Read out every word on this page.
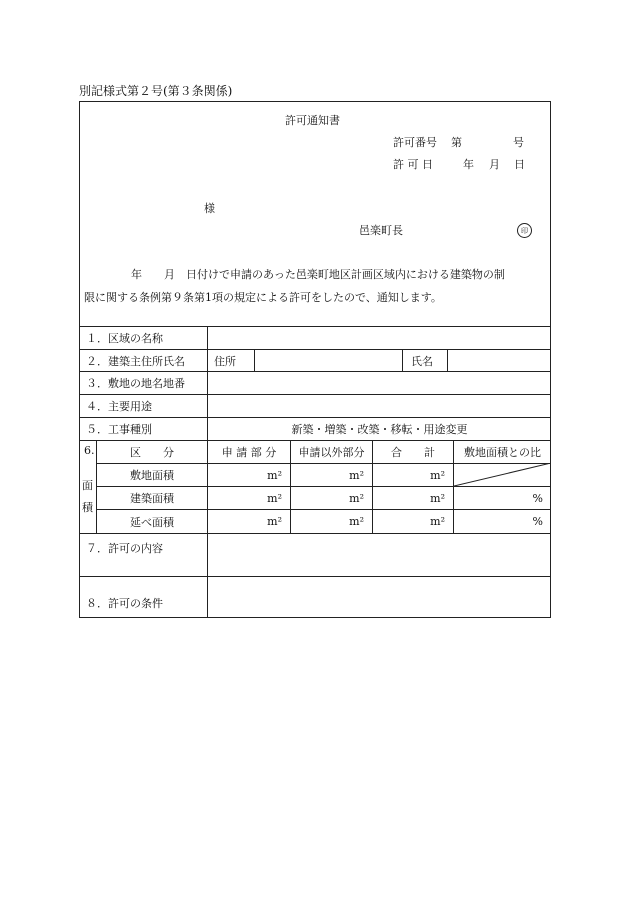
別記様式第２号(第３条関係)
許可通知書
許可番号 第	号
許 可 日	年 月 日
様
邑楽町長	印
年　　月　日付けで申請のあった邑楽町地区計画区域内における建築物の制
限に関する条例第９条第1項の規定による許可をしたので、通知します。
１．区域の名称
２．建築主住所氏名	住所	氏名
３．敷地の地名地番
４．主要用途
５．工事種別	新築・増築・改築・移転・用途変更
6.
面
積
区　　分	申 請 部 分	申請以外部分	合　　計	敷地面積との比
敷地面積	m²	m²	m²
建築面積	m²	m²	m²	%
延べ面積	m²	m²	m²	%
７．許可の内容
８．許可の条件
